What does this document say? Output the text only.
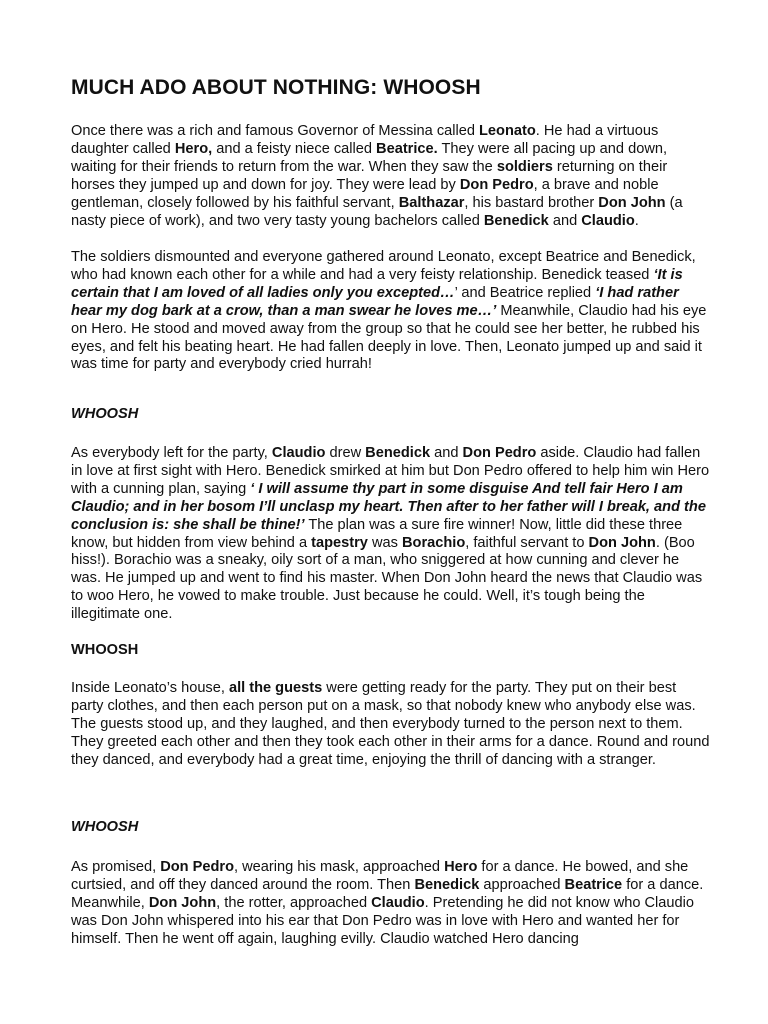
MUCH ADO ABOUT NOTHING: WHOOSH

Once there was a rich and famous Governor of Messina called Leonato. He had a virtuous daughter called Hero, and a feisty niece called Beatrice. They were all pacing up and down, waiting for their friends to return from the war. When they saw the soldiers returning on their horses they jumped up and down for joy. They were lead by Don Pedro, a brave and noble gentleman, closely followed by his faithful servant, Balthazar, his bastard brother Don John (a nasty piece of work), and two very tasty young bachelors called Benedick and Claudio.

The soldiers dismounted and everyone gathered around Leonato, except Beatrice and Benedick, who had known each other for a while and had a very feisty relationship. Benedick teased ‘It is certain that I am loved of all ladies only you excepted…’ and Beatrice replied ‘I had rather hear my dog bark at a crow, than a man swear he loves me…’ Meanwhile, Claudio had his eye on Hero. He stood and moved away from the group so that he could see her better, he rubbed his eyes, and felt his beating heart. He had fallen deeply in love. Then, Leonato jumped up and said it was time for party and everybody cried hurrah!

WHOOSH

As everybody left for the party, Claudio drew Benedick and Don Pedro aside. Claudio had fallen in love at first sight with Hero. Benedick smirked at him but Don Pedro offered to help him win Hero with a cunning plan, saying ‘ I will assume thy part in some disguise And tell fair Hero I am Claudio; and in her bosom I’ll unclasp my heart. Then after to her father will I break, and the conclusion is: she shall be thine!’ The plan was a sure fire winner! Now, little did these three know, but hidden from view behind a tapestry was Borachio, faithful servant to Don John. (Boo hiss!). Borachio was a sneaky, oily sort of a man, who sniggered at how cunning and clever he was. He jumped up and went to find his master. When Don John heard the news that Claudio was to woo Hero, he vowed to make trouble. Just because he could. Well, it’s tough being the illegitimate one.

WHOOSH

Inside Leonato’s house, all the guests were getting ready for the party. They put on their best party clothes, and then each person put on a mask, so that nobody knew who anybody else was. The guests stood up, and they laughed, and then everybody turned to the person next to them. They greeted each other and then they took each other in their arms for a dance. Round and round they danced, and everybody had a great time, enjoying the thrill of dancing with a stranger.

WHOOSH

As promised, Don Pedro, wearing his mask, approached Hero for a dance. He bowed, and she curtsied, and off they danced around the room. Then Benedick approached Beatrice for a dance. Meanwhile, Don John, the rotter, approached Claudio. Pretending he did not know who Claudio was Don John whispered into his ear that Don Pedro was in love with Hero and wanted her for himself. Then he went off again, laughing evilly. Claudio watched Hero dancing
